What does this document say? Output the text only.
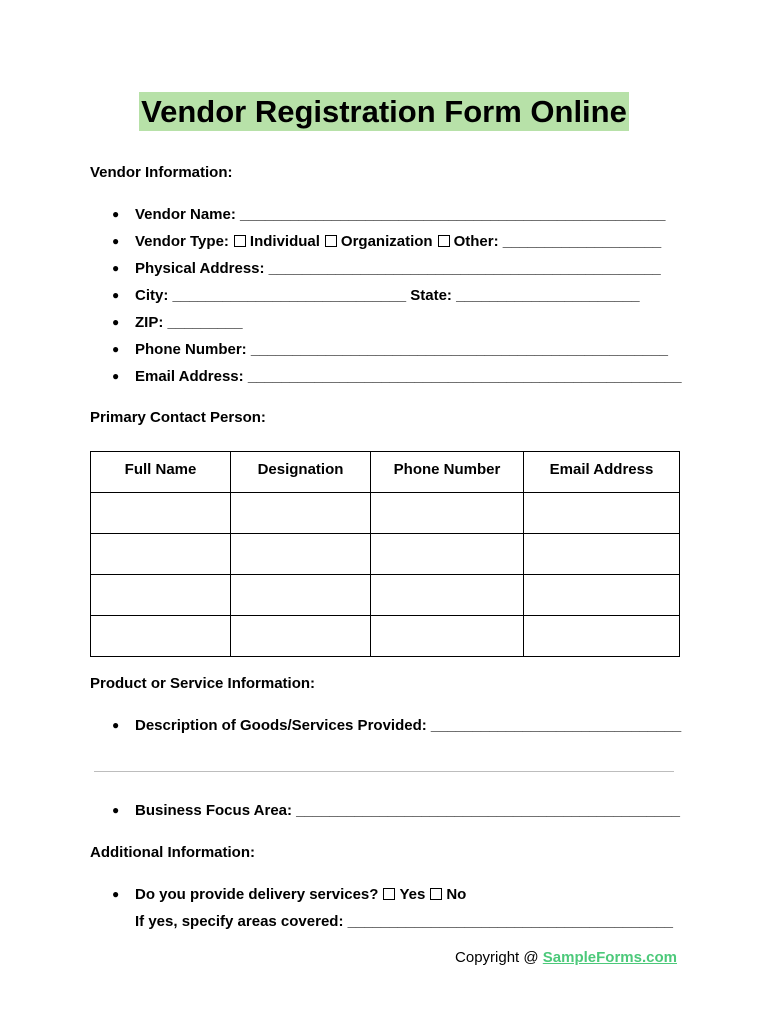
Vendor Registration Form Online
Vendor Information:
● Vendor Name: ___________________________________________________
● Vendor Type: Individual Organization Other: ___________________
● Physical Address: _______________________________________________
● City: ____________________________ State: ______________________
● ZIP: _________
● Phone Number: __________________________________________________
● Email Address: ____________________________________________________
Primary Contact Person:
Full Name	Designation	Phone Number	Email Address

Product or Service Information:
● Description of Goods/Services Provided: ______________________________
● Business Focus Area: ______________________________________________
Additional Information:
● Do you provide delivery services? Yes No
If yes, specify areas covered: _______________________________________
Copyright @ SampleForms.com
